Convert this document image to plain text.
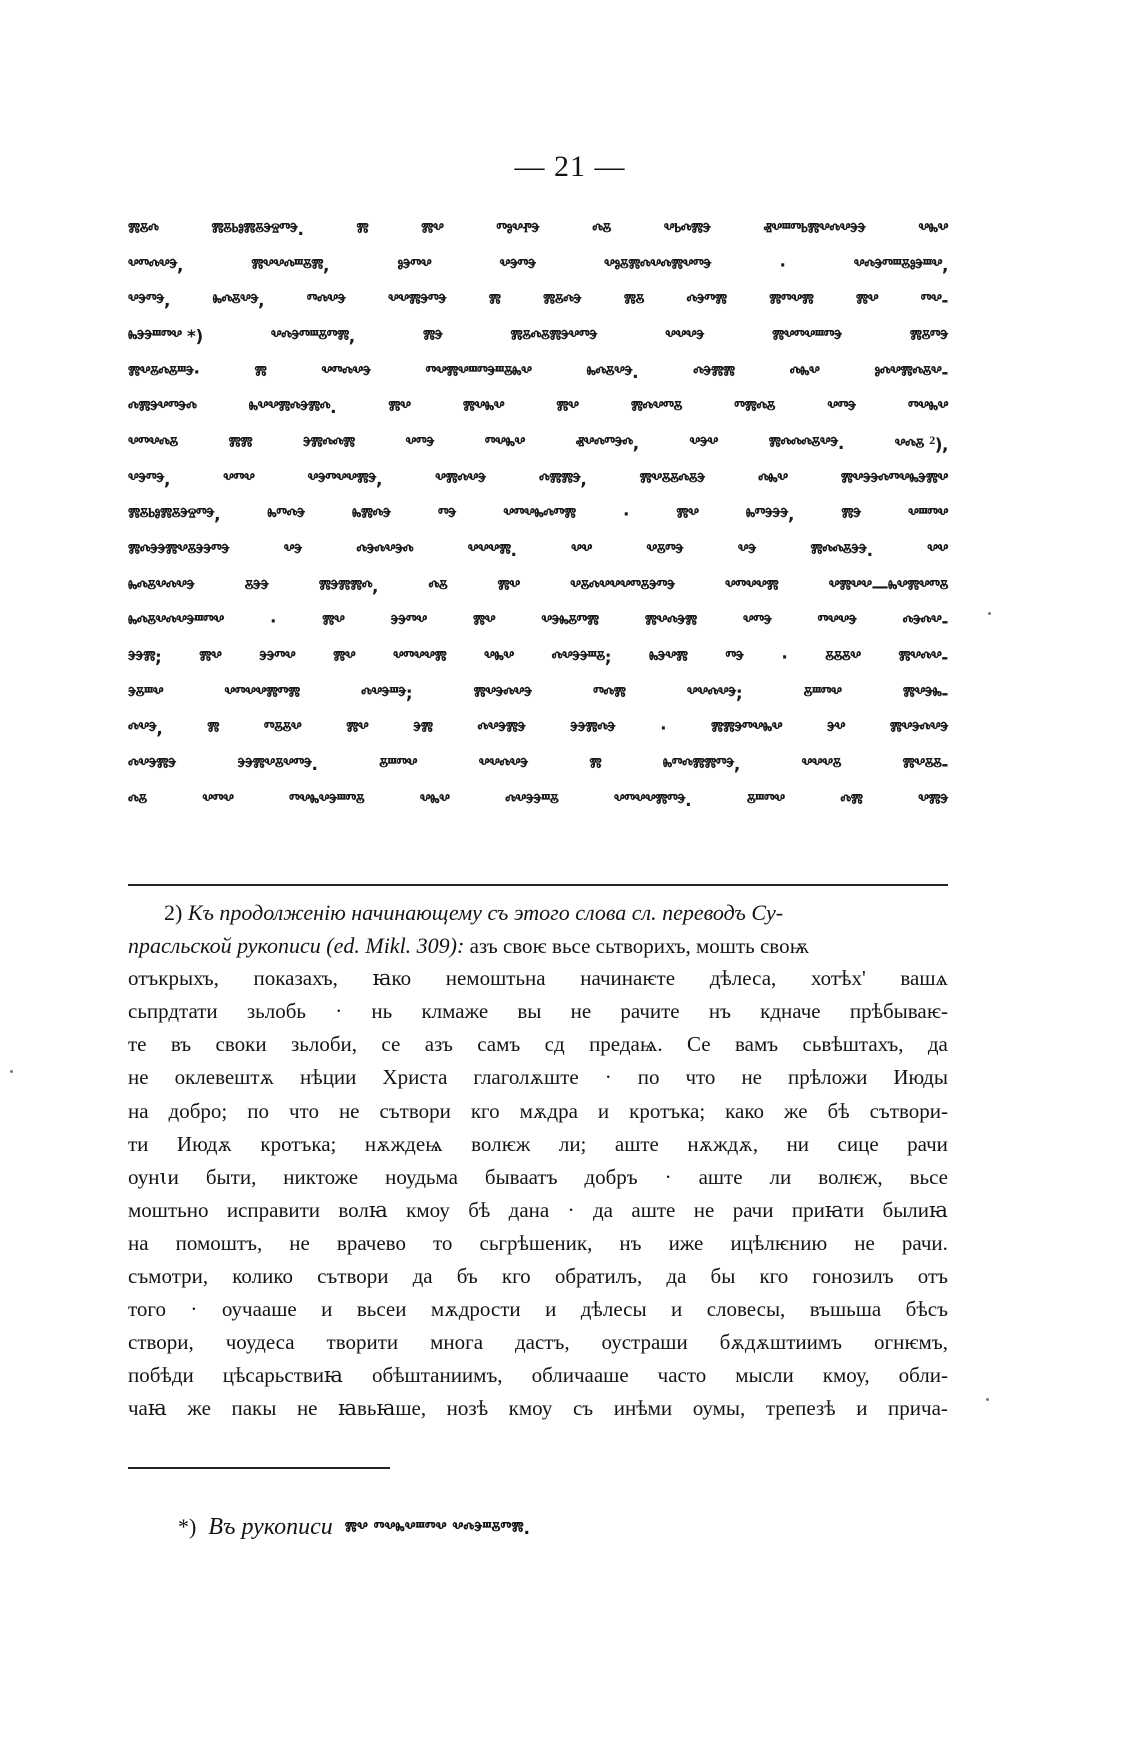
— 21 —
ⰿⰻⰴ	ⰿⰻⱃⱁⰿⰻⰵⱄⱅⰵ.	ⰿ	ⰿⰲ	ⱅⱁⰲⱂⰵ	ⰴⰻ	ⰲⱃⰴⰿⰵ	ⱏⰲⱎⱅⱃⰿⰲⰴⰲⰵⰵ	ⰲⰸⰲ
ⰲⱅⰴⰲⰵ,	ⰿⰲⰲⰴⱎⰻⰿ,	ⱁⰵⱅⰲ	ⰲⰵⱅⰵ	ⰲⱁⰻⰿⰴⰲⰴⰿⰲⱅⰵ	·	ⰲⰴⰵⱅⱎⰻⱁⰵⱎⰲ,
ⰲⰵⱅⰵ,	ⰸⰴⰻⰲⰵ,	ⱅⰴⰲⰵ	ⰲⰲⰿⰵⱅⰵ	ⰿ	ⰿⰻⰴⰵ	ⰿⰻ	ⰴⰵⱅⰿ	ⰿⱅⰲⰿ	ⰿⰲ	ⱅⰲ-
ⰸⰵⰵⱎⱅⰲ *)	ⰲⰴⰵⱅⱎⰻⱅⰿ,	ⰿⰵ	ⰿⰻⰴⰻⰿⰵⰲⱅⰵ	ⰲⰲⰲⰵ	ⰿⰲⱅⰲⱎⱅⰵ	ⰿⰻⱅⰵ
ⰿⰲⰻⰴⰻⱎⰵ·	ⰿ	ⰲⱅⰴⰲⰵ	ⱅⰲⰿⰲⱎⱅⰵⱎⰻⰸⰲ	ⰸⰴⰻⰲⰵ.	ⰴⰵⰿⰿ	ⰴⰸⰲ	ⱁⰴⰲⰿⰴⰻⰲ-
ⰴⰿⰵⰲⱅⰵⰴ	ⰸⰲⰲⰿⰴⰵⰿⰴ.	ⰿⰲ	ⰿⰲⰸⰲ	ⰿⰲ	ⰿⰴⰲⱅⰻ	ⱅⰿⰴⰻ	ⰲⱅⰵ	ⱅⰲⰸⰲ
ⰲⱅⰲⰴⰻ	ⰿⰿ	ⰵⰿⰴⰴⰿ	ⰲⱅⰵ	ⱅⰲⰸⰲ	ⱏⰲⰴⱅⰵⰴ,	ⰲⰵⰲ	ⰿⰴⰴⰴⰻⰲⰵ.	ⰲⰴⰻ $^2$),
ⰲⰵⱅⰵ,	ⰲⱅⰲ	ⰲⰵⱅⰲⰲⰿⰵ,	ⰲⰿⰴⰲⰵ	ⰴⰿⰿⰵ,	ⰿⰲⰻⰻⰴⰻⰵ	ⰴⰸⰲ	ⰿⰲⰵⰵⰴⱅⰲⰸⰵⰿⰲ
ⰿⰻⱃⱁⰿⰻⰵⱄⱅⰵ,	ⰸⱅⰴⰵ	ⰸⰿⰴⰵ	ⱅⰵ	ⰲⱅⰲⰸⰴⱅⰿ	·	ⰿⰲ	ⰸⱅⰵⰵⰵ,	ⰿⰵ	ⰲⱎⱅⰲ
ⰿⰴⰵⰵⰿⰲⰻⰵⰵⱅⰵ	ⰲⰵ	ⰴⰵⰴⰲⰵⰴ	ⰲⰲⰲⰿ.	ⰲⰲ	ⰲⰻⱅⰵ	ⰲⰵ	ⰿⰴⰴⰻⰵⰵ.	ⰲⰲ
ⰸⰴⰻⰲⰴⰲⰵ	ⰻⰵⰵ	ⰿⰵⰿⰿⰴ,	ⰴⰻ	ⰿⰲ	ⰲⰻⰴⰲⰲⰲⱅⰻⰵⱅⰵ	ⰲⱅⰲⰲⰿ	ⰲⰿⰲⰲ—ⰸⰲⰿⰲⱅⰻ
ⰸⰴⰻⰲⰴⰲⰵⱎⱅⰲ	·	ⰿⰲ	ⰵⰵⱅⰲ	ⰿⰲ	ⰲⰵⰸⰻⱅⰿ	ⰿⰲⰴⰵⰿ	ⰲⱅⰵ	ⱅⰲⰲⰵ	ⰴⰵⰴⰲ-
ⰵⰵⰿ; ⰿⰲ ⰵⰵⱅⰲ ⰿⰲ ⰲⱅⰲⰲⰿ ⰲⰸⰲ ⰴⰲⰵⰵⱎⰻ; ⰸⰵⰲⰿ ⱅⰵ · ⰻⰻⰻⰲ ⰿⰲⰴⰲ-
ⰵⰻⱎⰲ	ⰲⱅⰲⰲⰿⱅⰿ	ⰴⰲⰵⱎⰵ;	ⰿⰲⰵⰴⰲⰵ	ⱅⰴⰿ	ⰲⰲⰴⰲⰵ;	ⰻⱎⱅⰲ	ⰿⰲⰵⰸ-
ⰴⰲⰵ,	ⰿ	ⱅⰻⰻⰲ	ⰿⰲ	ⰵⰿ	ⰴⰲⰵⰿⰵ	ⰵⰵⰿⰴⰵ	·	ⰿⰿⰵⱅⰲⰸⰲ	ⰵⰲ	ⰿⰲⰵⰴⰲⰵ
ⰴⰲⰵⰿⰵ	ⰵⰵⰿⰲⰻⰲⱅⰵ.	ⰻⱎⱅⰲ	ⰲⰲⰴⰲⰵ	ⰿ	ⰸⱅⰴⰿⰿⱅⰵ,	ⰲⰲⰲⰻ	ⰿⰲⰻⰻ-
ⰴⰻ	ⰲⱅⰲ	ⱅⰲⰸⰲⰵⱎⱅⰻ	ⰲⰸⰲ	ⰴⰲⰵⰵⱎⰻ	ⰲⱅⰲⰲⰿⱅⰵ.	ⰻⱎⱅⰲ	ⰴⰿ	ⰲⰿⰵ
2) Къ продолженію начинающему съ этого слова сл. переводъ Су-
прасльской рукописи (ed. Mikl. 309): азъ своѥ вьсе сьтворихъ, мошть своѭ
отъкрыхъ, показахъ, ꙗко немоштьна начинаѥте дѣлеса, хотѣх' вашѧ
сьпрдтати зьлобь · нь клмаже вы не рачите нъ кдначе прѣбываѥ-
те въ своки зьлоби, се азъ самъ сд предаѩ. Се вамъ сьвѣштахъ, да
не оклевештѫ нѣции Христа глаголѫште · по что не прѣложи Июды
на добро; по что не сътвори кго мѫдра и кротъка; како же бѣ сътвори-
ти Июдѫ кротъка; нѫждеѩ волѥж ли; аште нѫждѫ, ни сице рачи
оунꙇи быти, никтоже ноудьма бываатъ добръ · аште ли волѥж, вьсе
моштьно исправити волꙗ кмоу бѣ дана · да аште не рачи приꙗти былиꙗ
на помоштъ, не врачево то сьгрѣшеник, нъ иже ицѣлѥнию не рачи.
съмотри, колико сътвори да бъ кго обратилъ, да бы кго гонозилъ отъ
того · оучааше и вьсеи мѫдрости и дѣлесы и словесы, въшьша бѣсъ
створи, чоудеса творити многа дастъ, оустраши бѫдѫштиимъ огнѥмъ,
побѣди цѣсарьствиꙗ обѣштаниимъ, обличааше часто мысли кмоу, обли-
чаꙗ же пакы не ꙗвьꙗше, нозѣ кмоу съ инѣми оумы, трепезѣ и прича-
*) Въ рукописи ⰿⰲ ⱅⰲⰸⰲⱎⱅⰲ ⰲⰴⰵⱎⰻⱅⰿ.
